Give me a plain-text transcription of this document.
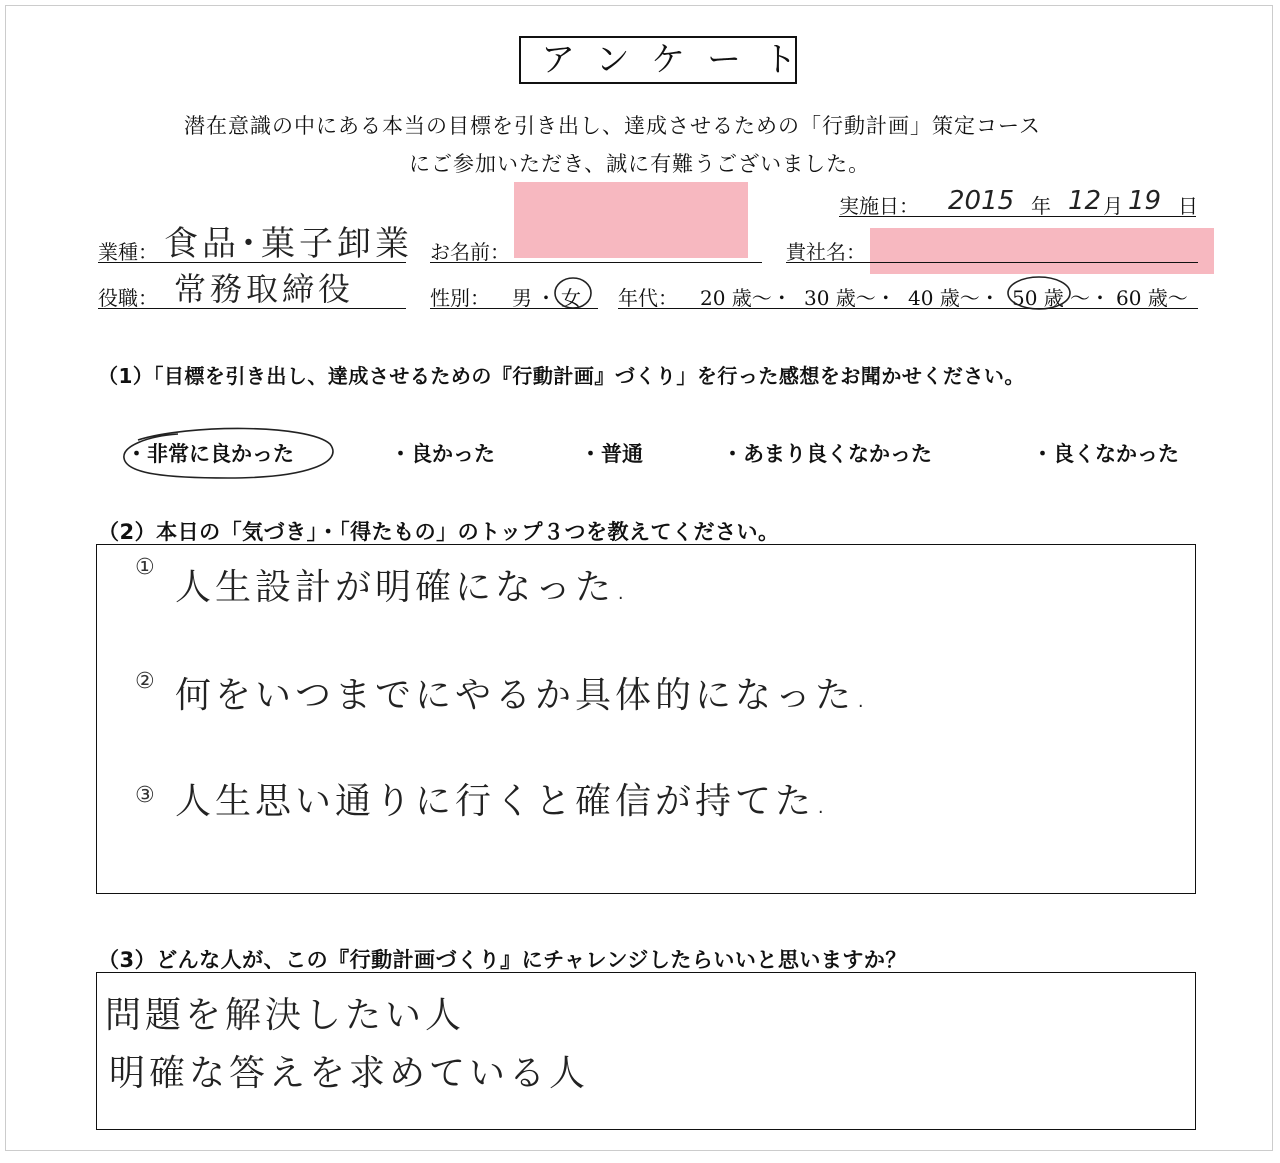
アンケート
潜在意識の中にある本当の目標を引き出し、達成させるための「行動計画」策定コース
にご参加いただき、誠に有難うございました。
実施日： 2015 年 12 月 19 日
業種： 食品･菓子卸業 お名前：	貴社名：
役職： 常務取締役	性別： 男 ・ 女 年代： 20 歳～・ 30 歳～・ 40 歳～・ 50 歳 ～・ 60 歳～
（1）「目標を引き出し、達成させるための『行動計画』づくり」を行った感想をお聞かせください。
・非常に良かった	・良かった	・普通	・あまり良くなかった	・良くなかった
（2）本日の「気づき」・「得たもの」のトップ３つを教えてください。
① 人生設計が明確になった.
② 何をいつまでにやるか具体的になった.
③ 人生思い通りに行くと確信が持てた.
（3）どんな人が、この『行動計画づくり』にチャレンジしたらいいと思いますか？
問題を解決したい人
明確な答えを求めている人
